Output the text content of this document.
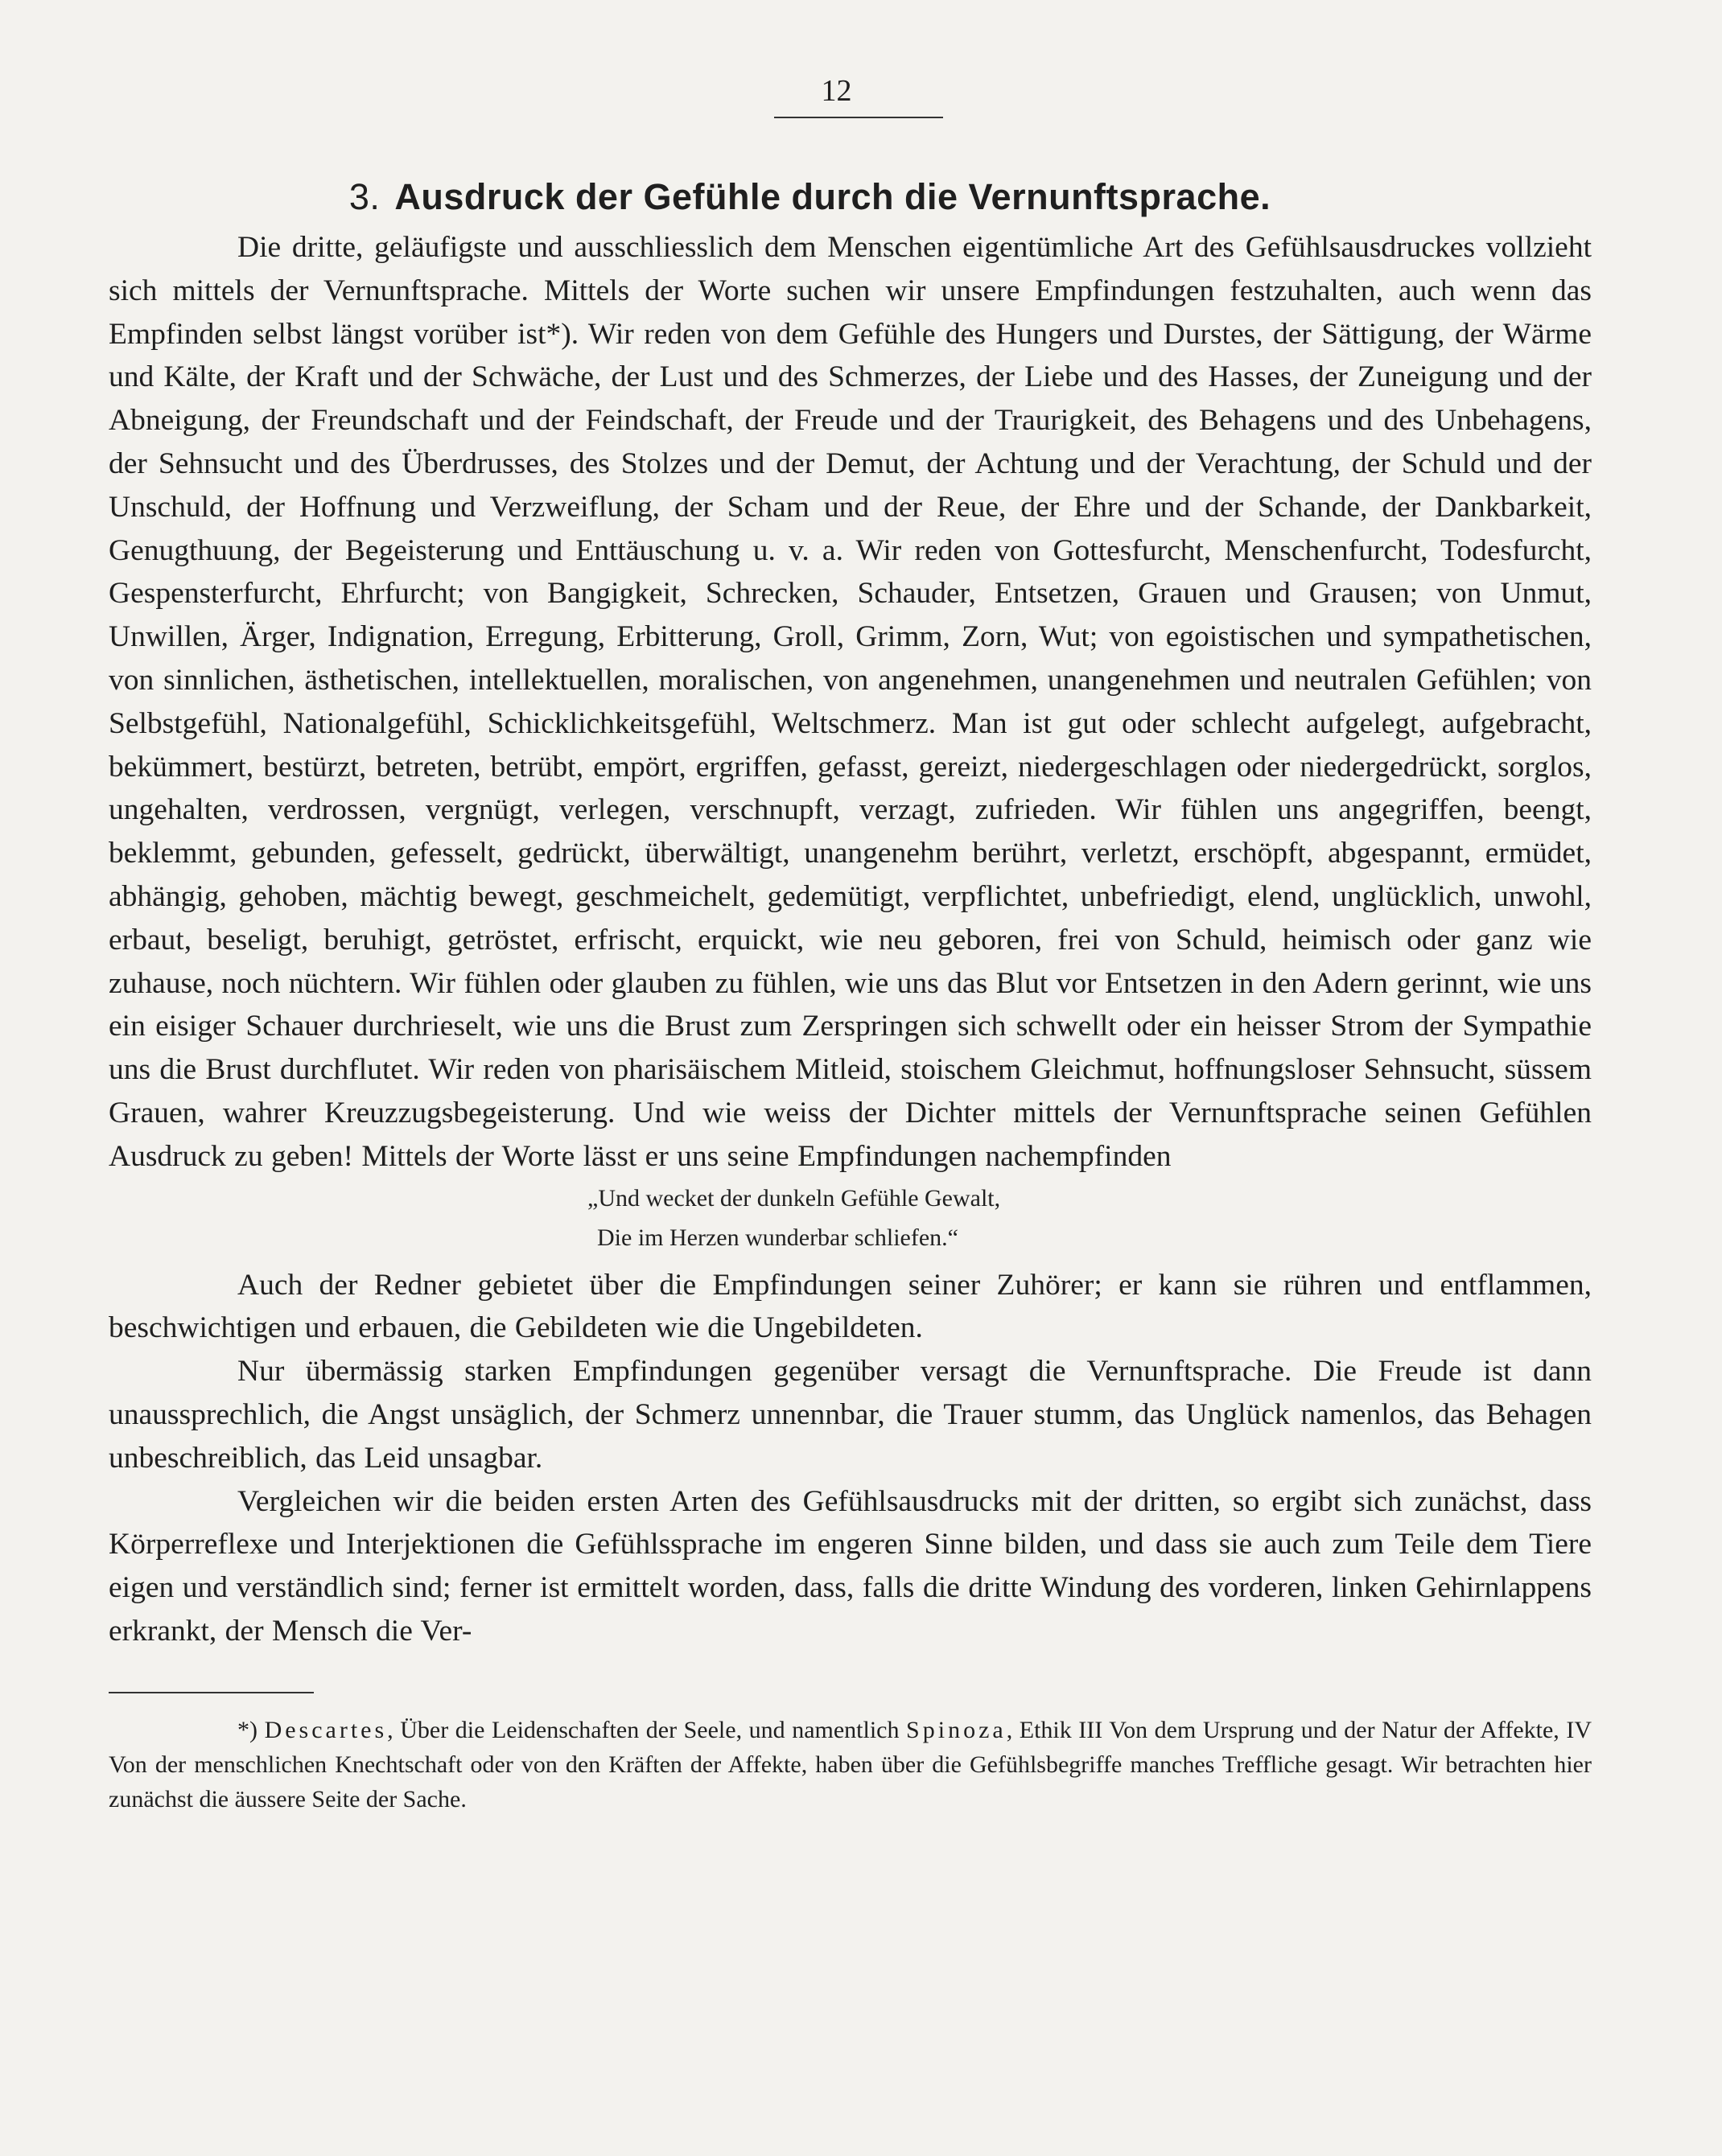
12
3. Ausdruck der Gefühle durch die Vernunftsprache.

Die dritte, geläufigste und ausschliesslich dem Menschen eigentümliche Art des Gefühlsausdruckes vollzieht sich mittels der Vernunftsprache. Mittels der Worte suchen wir unsere Empfindungen festzuhalten, auch wenn das Empfinden selbst längst vorüber ist*). Wir reden von dem Gefühle des Hungers und Durstes, der Sättigung, der Wärme und Kälte, der Kraft und der Schwäche, der Lust und des Schmerzes, der Liebe und des Hasses, der Zuneigung und der Abneigung, der Freundschaft und der Feindschaft, der Freude und der Traurigkeit, des Behagens und des Unbehagens, der Sehnsucht und des Überdrusses, des Stolzes und der Demut, der Achtung und der Verachtung, der Schuld und der Unschuld, der Hoffnung und Verzweiflung, der Scham und der Reue, der Ehre und der Schande, der Dankbarkeit, Genugthuung, der Begeisterung und Enttäuschung u. v. a. Wir reden von Gottesfurcht, Menschenfurcht, Todesfurcht, Gespensterfurcht, Ehrfurcht; von Bangigkeit, Schrecken, Schauder, Entsetzen, Grauen und Grausen; von Unmut, Unwillen, Ärger, Indignation, Erregung, Erbitterung, Groll, Grimm, Zorn, Wut; von egoistischen und sympathetischen, von sinnlichen, ästhetischen, intellektuellen, moralischen, von angenehmen, unangenehmen und neutralen Gefühlen; von Selbstgefühl, Nationalgefühl, Schicklichkeitsgefühl, Weltschmerz. Man ist gut oder schlecht aufgelegt, aufgebracht, bekümmert, bestürzt, betreten, betrübt, empört, ergriffen, gefasst, gereizt, niedergeschlagen oder niedergedrückt, sorglos, ungehalten, verdrossen, vergnügt, verlegen, verschnupft, verzagt, zufrieden. Wir fühlen uns angegriffen, beengt, beklemmt, gebunden, gefesselt, gedrückt, überwältigt, unangenehm berührt, verletzt, erschöpft, abgespannt, ermüdet, abhängig, gehoben, mächtig bewegt, geschmeichelt, gedemütigt, verpflichtet, unbefriedigt, elend, unglücklich, unwohl, erbaut, beseligt, beruhigt, getröstet, erfrischt, erquickt, wie neu geboren, frei von Schuld, heimisch oder ganz wie zuhause, noch nüchtern. Wir fühlen oder glauben zu fühlen, wie uns das Blut vor Entsetzen in den Adern gerinnt, wie uns ein eisiger Schauer durchrieselt, wie uns die Brust zum Zerspringen sich schwellt oder ein heisser Strom der Sympathie uns die Brust durchflutet. Wir reden von pharisäischem Mitleid, stoischem Gleichmut, hoffnungsloser Sehnsucht, süssem Grauen, wahrer Kreuzzugsbegeisterung. Und wie weiss der Dichter mittels der Vernunftsprache seinen Gefühlen Ausdruck zu geben! Mittels der Worte lässt er uns seine Empfindungen nachempfinden

„Und wecket der dunkeln Gefühle Gewalt,
Die im Herzen wunderbar schliefen.“

Auch der Redner gebietet über die Empfindungen seiner Zuhörer; er kann sie rühren und entflammen, beschwichtigen und erbauen, die Gebildeten wie die Ungebildeten.

Nur übermässig starken Empfindungen gegenüber versagt die Vernunftsprache. Die Freude ist dann unaussprechlich, die Angst unsäglich, der Schmerz unnennbar, die Trauer stumm, das Unglück namenlos, das Behagen unbeschreiblich, das Leid unsagbar.

Vergleichen wir die beiden ersten Arten des Gefühlsausdrucks mit der dritten, so ergibt sich zunächst, dass Körperreflexe und Interjektionen die Gefühlssprache im engeren Sinne bilden, und dass sie auch zum Teile dem Tiere eigen und verständlich sind; ferner ist ermittelt worden, dass, falls die dritte Windung des vorderen, linken Gehirnlappens erkrankt, der Mensch die Ver-

*) Descartes, Über die Leidenschaften der Seele, und namentlich Spinoza, Ethik III Von dem Ursprung und der Natur der Affekte, IV Von der menschlichen Knechtschaft oder von den Kräften der Affekte, haben über die Gefühlsbegriffe manches Treffliche gesagt. Wir betrachten hier zunächst die äussere Seite der Sache.
